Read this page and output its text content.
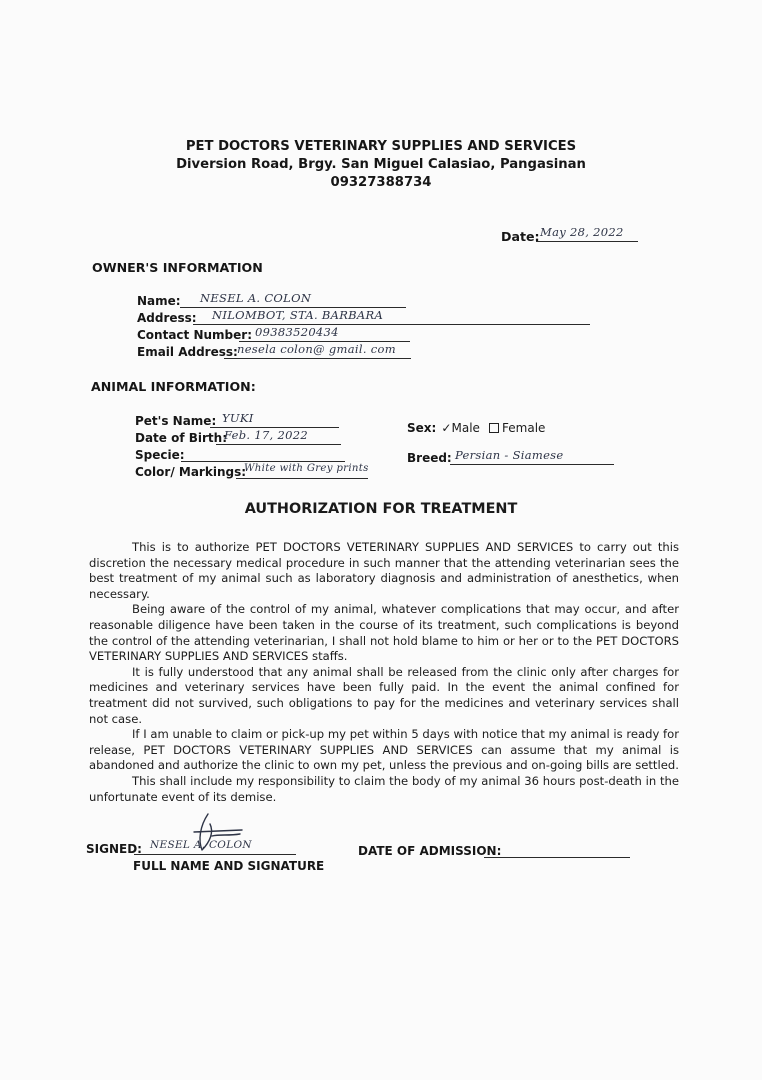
PET DOCTORS VETERINARY SUPPLIES AND SERVICES
Diversion Road, Brgy. San Miguel Calasiao, Pangasinan
09327388734
Date: May 28, 2022
OWNER'S INFORMATION
Name: NESEL A. COLON
Address: NILOMBOT, STA. BARBARA
Contact Number: 09383520434
Email Address: nesela colon@ gmail. com
ANIMAL INFORMATION:
Pet's Name: YUKI
Date of Birth:
Feb. 17, 2022
Specie:
Color/ Markings:
White with Grey prints
Sex: ✓Male Female
Breed: Persian - Siamese
AUTHORIZATION FOR TREATMENT

This is to authorize PET DOCTORS VETERINARY SUPPLIES AND SERVICES to carry out this discretion the necessary medical procedure in such manner that the attending veterinarian sees the best treatment of my animal such as laboratory diagnosis and administration of anesthetics, when necessary.

Being aware of the control of my animal, whatever complications that may occur, and after reasonable diligence have been taken in the course of its treatment, such complications is beyond the control of the attending veterinarian, I shall not hold blame to him or her or to the PET DOCTORS VETERINARY SUPPLIES AND SERVICES staffs.

It is fully understood that any animal shall be released from the clinic only after charges for medicines and veterinary services have been fully paid. In the event the animal confined for treatment did not survived, such obligations to pay for the medicines and veterinary services shall not case.

If I am unable to claim or pick-up my pet within 5 days with notice that my animal is ready for release, PET DOCTORS VETERINARY SUPPLIES AND SERVICES can assume that my animal is abandoned and authorize the clinic to own my pet, unless the previous and on-going bills are settled.

This shall include my responsibility to claim the body of my animal 36 hours post-death in the unfortunate event of its demise.

SIGNED: NESEL A. COLON
FULL NAME AND SIGNATURE
DATE OF ADMISSION:
